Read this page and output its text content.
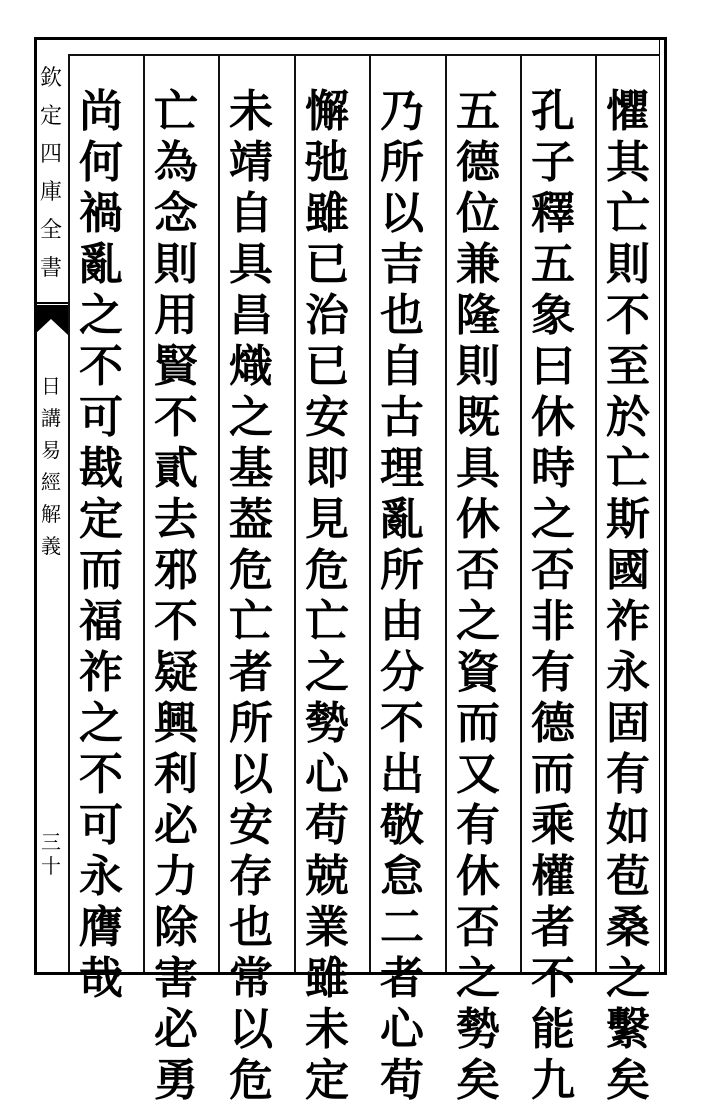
欽
定
四
庫
全
書
日
講
易
經
解
義
三十
懼
其
亡
則
不
至
於
亡
斯
國
祚
永
固
有
如
苞
桑
之
繫
矣
孔
子
釋
五
象
曰
休
時
之
否
非
有
德
而
乘
權
者
不
能
九
五
德
位
兼
隆
則
既
具
休
否
之
資
而
又
有
休
否
之
勢
矣
乃
所
以
吉
也
自
古
理
亂
所
由
分
不
出
敬
怠
二
者
心
苟
懈
弛
雖
已
治
已
安
即
見
危
亡
之
勢
心
苟
兢
業
雖
未
定
未
靖
自
具
昌
熾
之
基
葢
危
亡
者
所
以
安
存
也
常
以
危
亡
為
念
則
用
賢
不
貳
去
邪
不
疑
興
利
必
力
除
害
必
勇
尚
何
禍
亂
之
不
可
戡
定
而
福
祚
之
不
可
永
膺
哉
